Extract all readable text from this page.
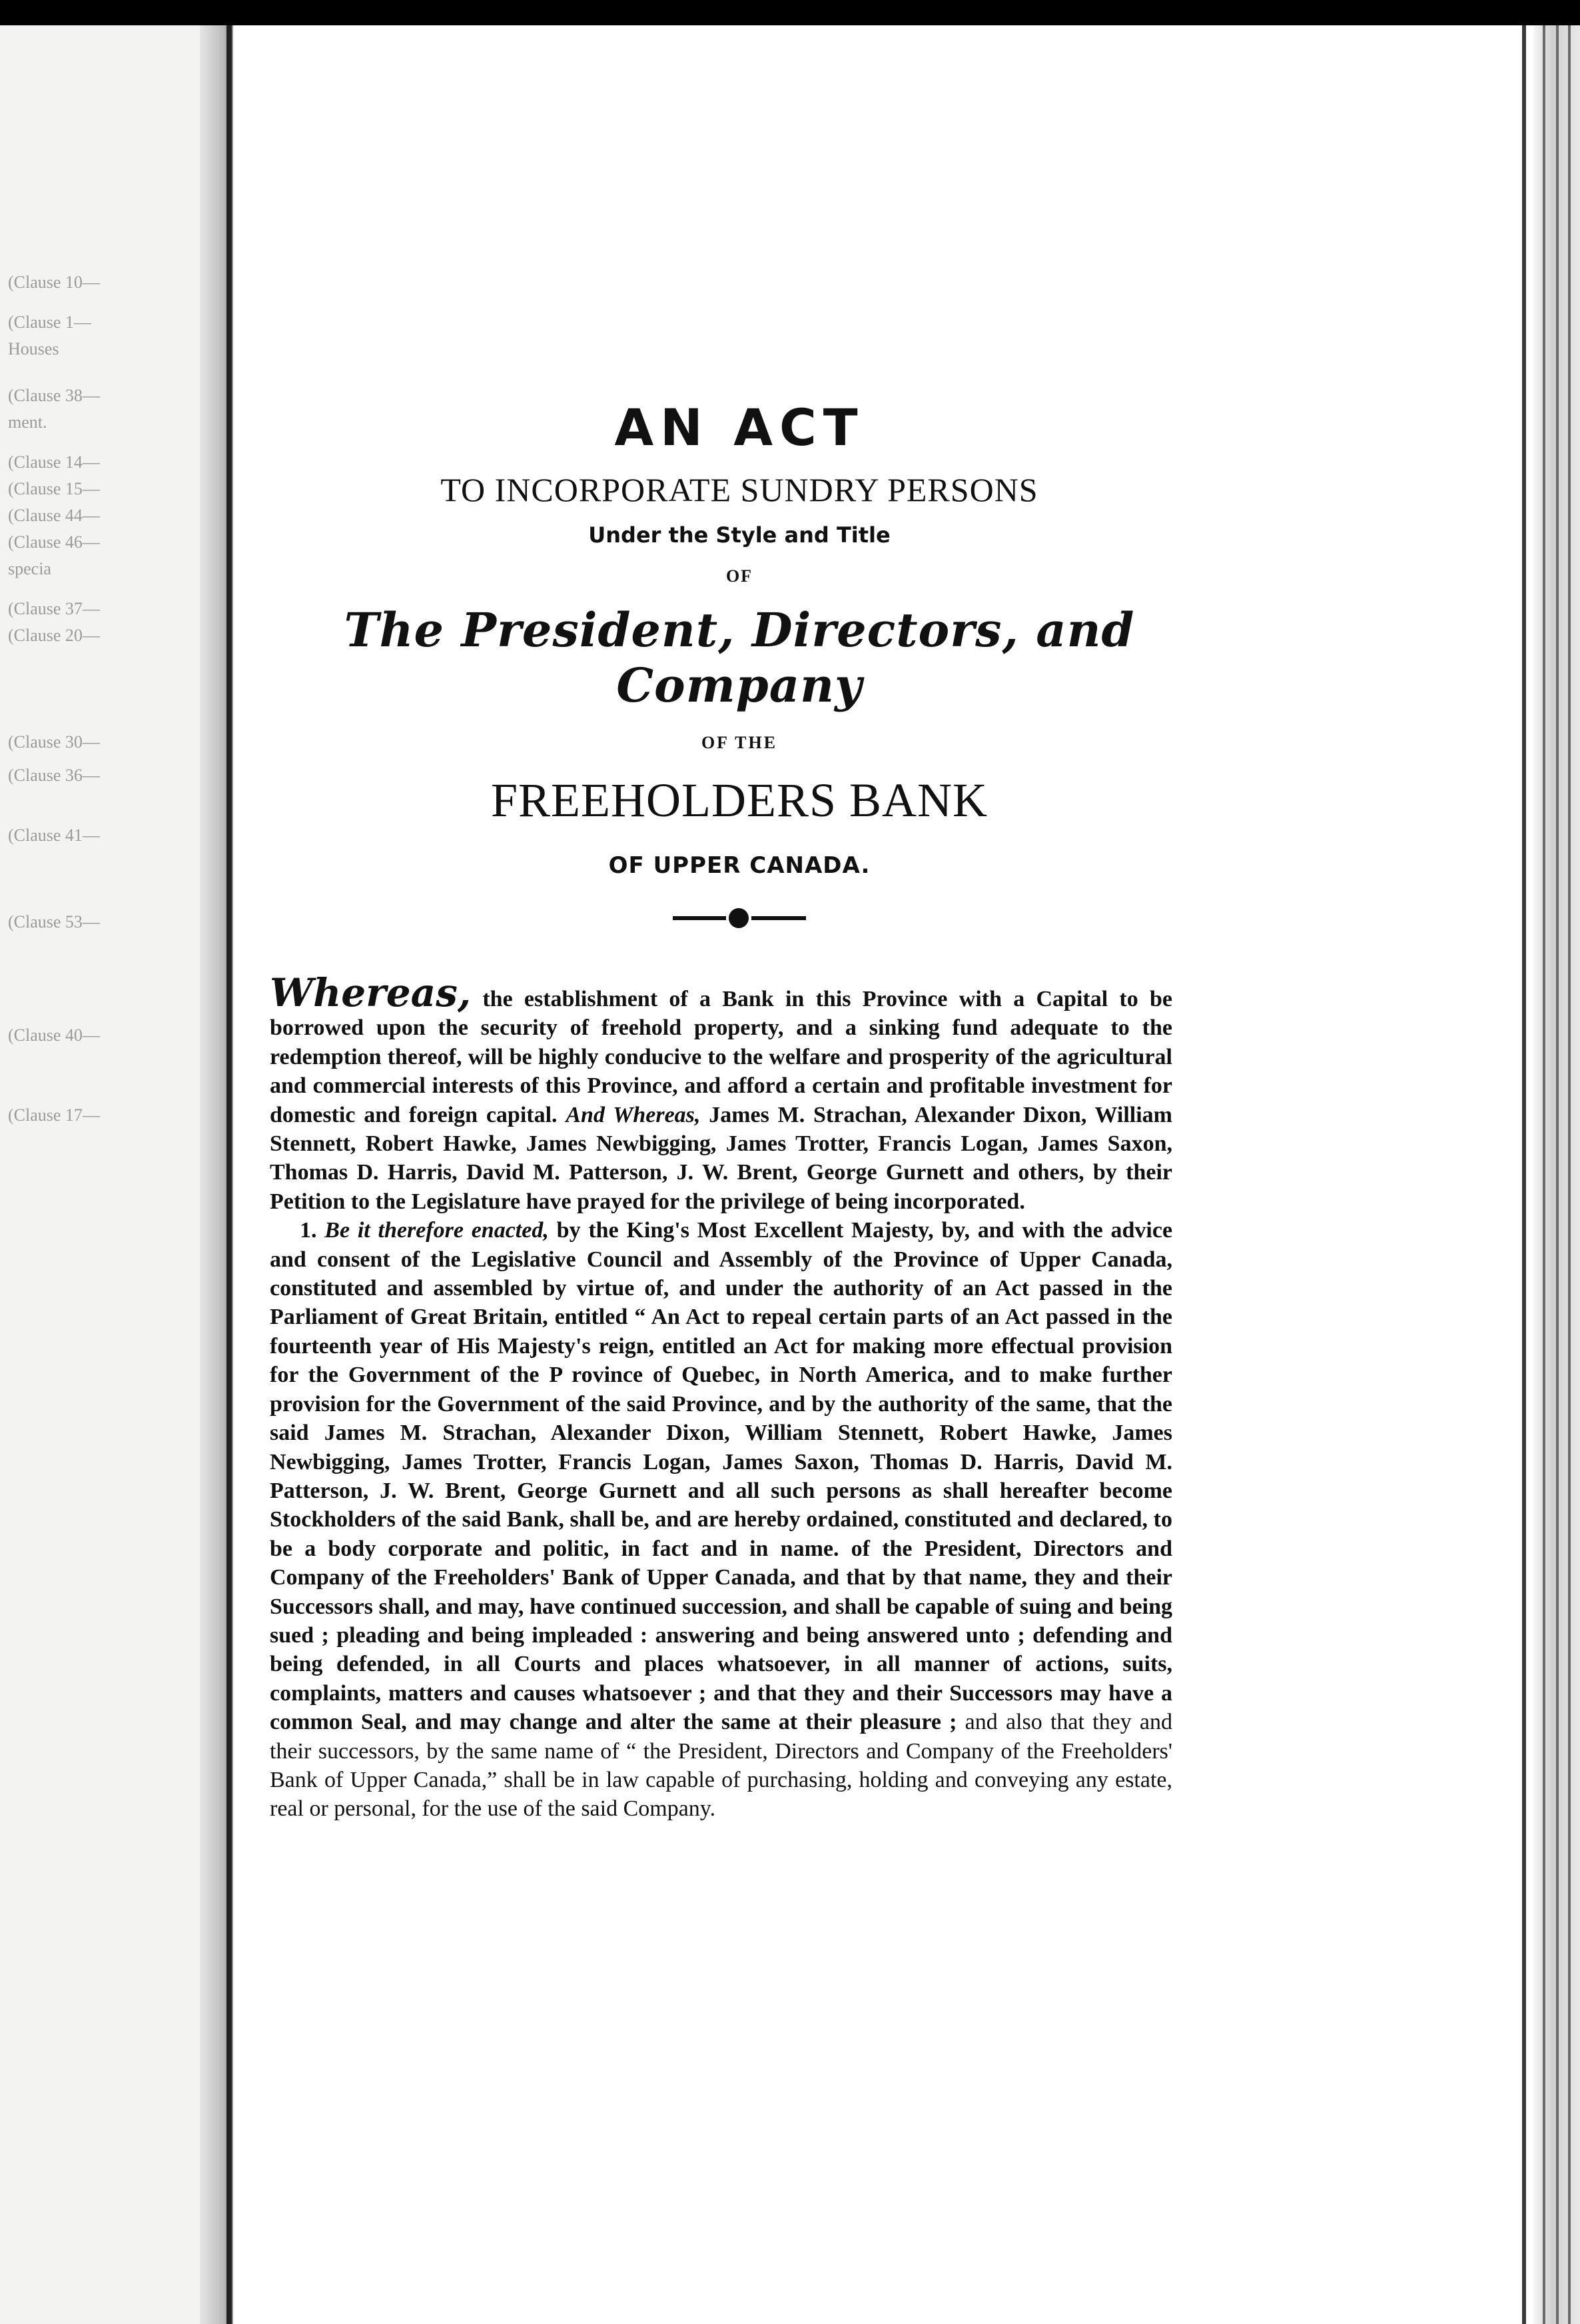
(Clause 10—
(Clause 1—
Houses
(Clause 38—
ment.
(Clause 14—
(Clause 15—
(Clause 44—
(Clause 46—
specia
(Clause 37—
(Clause 20—
(Clause 30—
(Clause 36—
(Clause 41—
(Clause 53—
(Clause 40—
(Clause 17—
AN ACT
TO INCORPORATE SUNDRY PERSONS
Under the Style and Title
OF
The President, Directors, and Company
OF THE
FREEHOLDERS BANK
OF UPPER CANADA.

Whereas, the establishment of a Bank in this Province with a Capital to be borrowed upon the security of freehold property, and a sinking fund adequate to the redemption thereof, will be highly conducive to the welfare and prosperity of the agricultural and commercial interests of this Province, and afford a certain and profitable investment for domestic and foreign capital. And Whereas, James M. Strachan, Alexander Dixon, William Stennett, Robert Hawke, James Newbigging, James Trotter, Francis Logan, James Saxon, Thomas D. Harris, David M. Patterson, J. W. Brent, George Gurnett and others, by their Petition to the Legislature have prayed for the privilege of being incorporated.

1. Be it therefore enacted, by the King's Most Excellent Majesty, by, and with the advice and consent of the Legislative Council and Assembly of the Province of Upper Canada, constituted and assembled by virtue of, and under the authority of an Act passed in the Parliament of Great Britain, entitled “ An Act to repeal certain parts of an Act passed in the fourteenth year of His Majesty's reign, entitled an Act for making more effectual provision for the Government of the P rovince of Quebec, in North America, and to make further provision for the Government of the said Province, and by the authority of the same, that the said James M. Strachan, Alexander Dixon, William Stennett, Robert Hawke, James Newbigging, James Trotter, Francis Logan, James Saxon, Thomas D. Harris, David M. Patterson, J. W. Brent, George Gurnett and all such persons as shall hereafter become Stockholders of the said Bank, shall be, and are hereby ordained, constituted and declared, to be a body corporate and politic, in fact and in name. of the President, Directors and Company of the Freeholders' Bank of Upper Canada, and that by that name, they and their Successors shall, and may, have continued succession, and shall be capable of suing and being sued ; pleading and being impleaded : answering and being answered unto ; defending and being defended, in all Courts and places whatsoever, in all manner of actions, suits, complaints, matters and causes whatsoever ; and that they and their Successors may have a common Seal, and may change and alter the same at their pleasure ; and also that they and their successors, by the same name of “ the President, Directors and Company of the Freeholders' Bank of Upper Canada,” shall be in law capable of purchasing, holding and conveying any estate, real or personal, for the use of the said Company.
